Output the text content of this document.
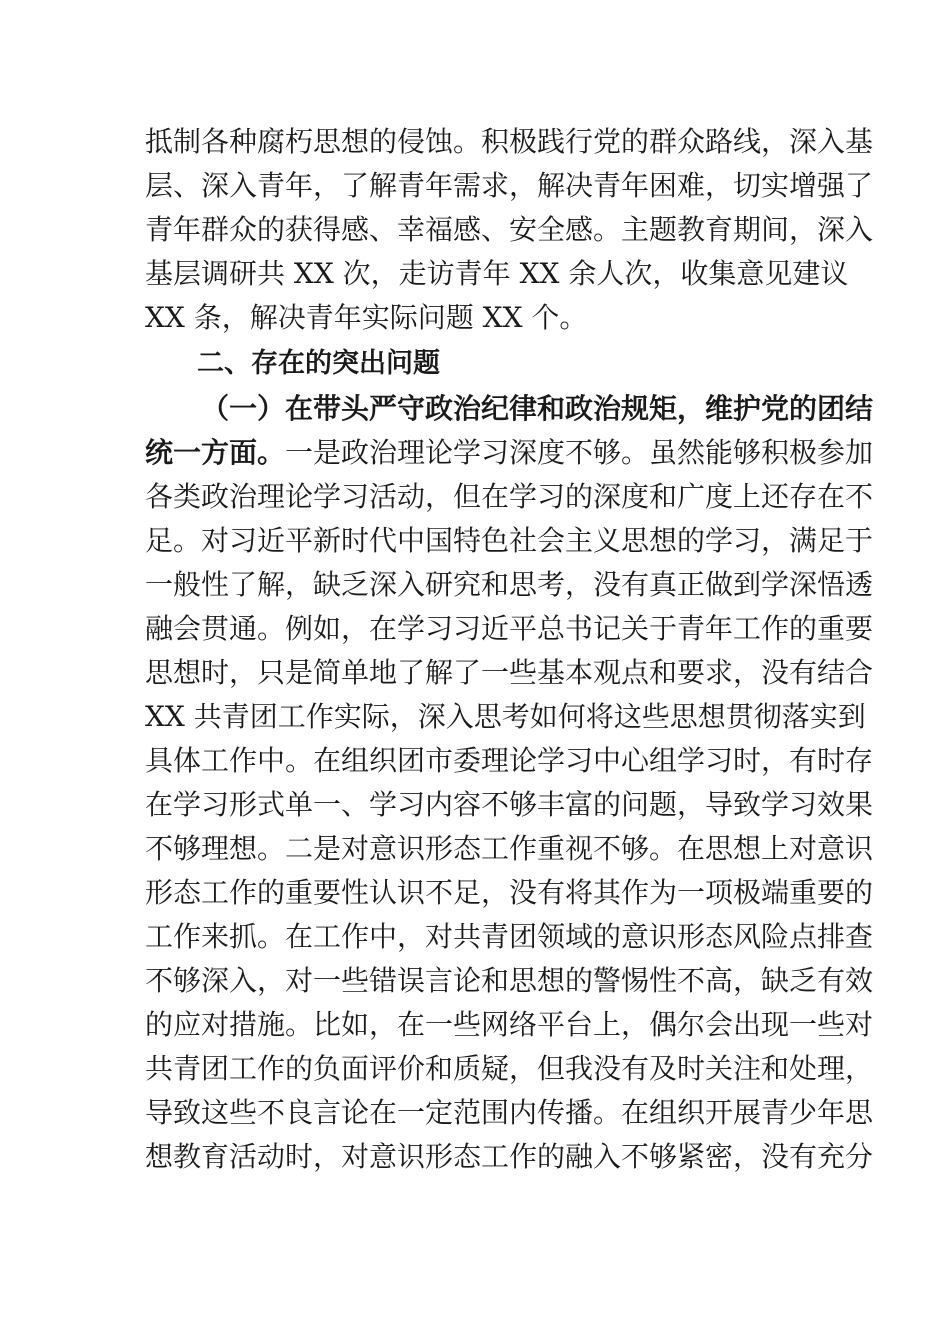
抵制各种腐朽思想的侵蚀。积极践行党的群众路线，深入基
层、深入青年，了解青年需求，解决青年困难，切实增强了
青年群众的获得感、幸福感、安全感。主题教育期间，深入
基层调研共 XX 次，走访青年 XX 余人次，收集意见建议
XX 条，解决青年实际问题 XX 个。
二、存在的突出问题
（一）在带头严守政治纪律和政治规矩，维护党的团结
统一方面。一是政治理论学习深度不够。虽然能够积极参加
各类政治理论学习活动，但在学习的深度和广度上还存在不
足。对习近平新时代中国特色社会主义思想的学习，满足于
一般性了解，缺乏深入研究和思考，没有真正做到学深悟透
融会贯通。例如，在学习习近平总书记关于青年工作的重要
思想时，只是简单地了解了一些基本观点和要求，没有结合
XX 共青团工作实际，深入思考如何将这些思想贯彻落实到
具体工作中。在组织团市委理论学习中心组学习时，有时存
在学习形式单一、学习内容不够丰富的问题，导致学习效果
不够理想。二是对意识形态工作重视不够。在思想上对意识
形态工作的重要性认识不足，没有将其作为一项极端重要的
工作来抓。在工作中，对共青团领域的意识形态风险点排查
不够深入，对一些错误言论和思想的警惕性不高，缺乏有效
的应对措施。比如，在一些网络平台上，偶尔会出现一些对
共青团工作的负面评价和质疑，但我没有及时关注和处理，
导致这些不良言论在一定范围内传播。在组织开展青少年思
想教育活动时，对意识形态工作的融入不够紧密，没有充分
